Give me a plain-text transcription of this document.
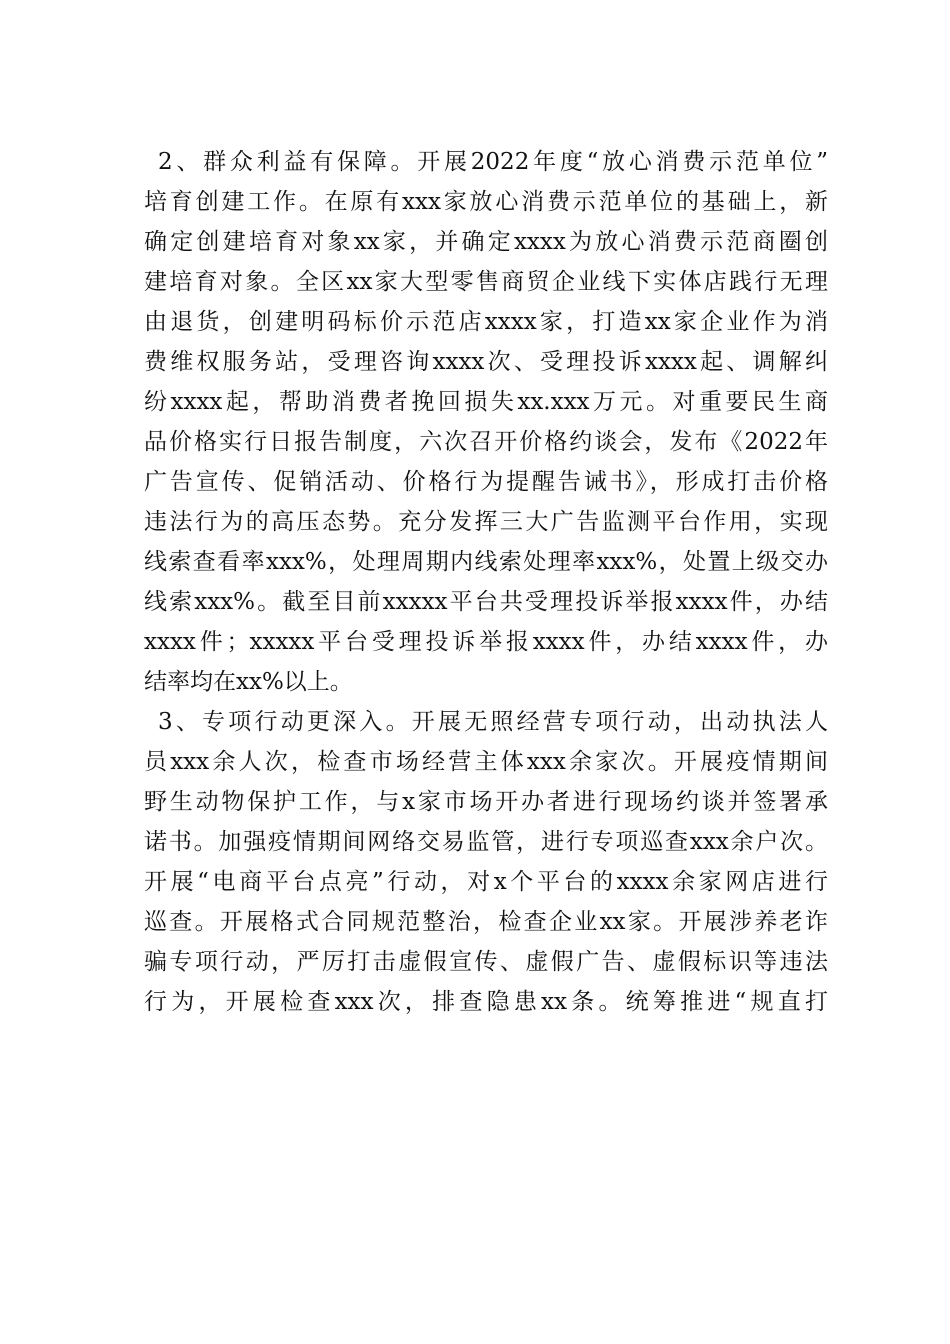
2、群众利益有保障。开展2022年度“放心消费示范单位”
培育创建工作。在原有xxx家放心消费示范单位的基础上，新
确定创建培育对象xx家，并确定xxxx为放心消费示范商圈创
建培育对象。全区xx家大型零售商贸企业线下实体店践行无理
由退货，创建明码标价示范店xxxx家，打造xx家企业作为消
费维权服务站，受理咨询xxxx次、受理投诉xxxx起、调解纠
纷xxxx起，帮助消费者挽回损失xx.xxx万元。对重要民生商
品价格实行日报告制度，六次召开价格约谈会，发布《2022年
广告宣传、促销活动、价格行为提醒告诫书》，形成打击价格
违法行为的高压态势。充分发挥三大广告监测平台作用，实现
线索查看率xxx%，处理周期内线索处理率xxx%，处置上级交办
线索xxx%。截至目前xxxxx平台共受理投诉举报xxxx件，办结
xxxx件；xxxxx平台受理投诉举报xxxx件，办结xxxx件，办
结率均在xx%以上。
3、专项行动更深入。开展无照经营专项行动，出动执法人
员xxx余人次，检查市场经营主体xxx余家次。开展疫情期间
野生动物保护工作，与x家市场开办者进行现场约谈并签署承
诺书。加强疫情期间网络交易监管，进行专项巡查xxx余户次。
开展“电商平台点亮”行动，对x个平台的xxxx余家网店进行
巡查。开展格式合同规范整治，检查企业xx家。开展涉养老诈
骗专项行动，严厉打击虚假宣传、虚假广告、虚假标识等违法
行为，开展检查xxx次，排查隐患xx条。统筹推进“规直打
